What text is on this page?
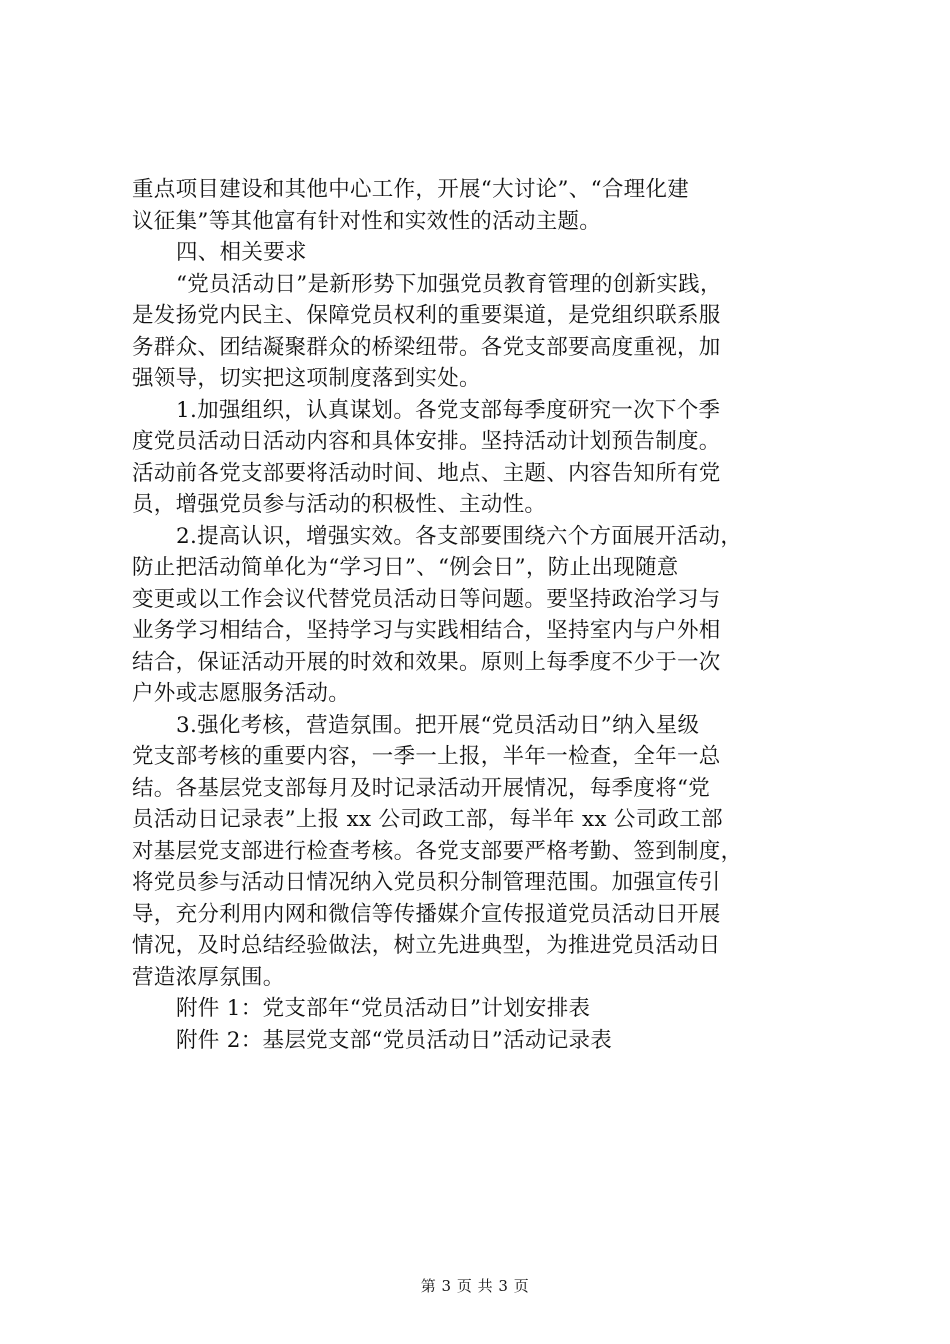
重点项目建设和其他中心工作，开展“大讨论”、“合理化建
议征集”等其他富有针对性和实效性的活动主题。
四、相关要求
“党员活动日”是新形势下加强党员教育管理的创新实践，
是发扬党内民主、保障党员权利的重要渠道，是党组织联系服
务群众、团结凝聚群众的桥梁纽带。各党支部要高度重视，加
强领导，切实把这项制度落到实处。
1.加强组织，认真谋划。各党支部每季度研究一次下个季
度党员活动日活动内容和具体安排。坚持活动计划预告制度。
活动前各党支部要将活动时间、地点、主题、内容告知所有党
员，增强党员参与活动的积极性、主动性。
2.提高认识，增强实效。各支部要围绕六个方面展开活动，
防止把活动简单化为“学习日”、“例会日”，防止出现随意
变更或以工作会议代替党员活动日等问题。要坚持政治学习与
业务学习相结合，坚持学习与实践相结合，坚持室内与户外相
结合，保证活动开展的时效和效果。原则上每季度不少于一次
户外或志愿服务活动。
3.强化考核，营造氛围。把开展“党员活动日”纳入星级
党支部考核的重要内容，一季一上报，半年一检查，全年一总
结。各基层党支部每月及时记录活动开展情况，每季度将“党
员活动日记录表”上报 xx 公司政工部，每半年 xx 公司政工部
对基层党支部进行检查考核。各党支部要严格考勤、签到制度，
将党员参与活动日情况纳入党员积分制管理范围。加强宣传引
导，充分利用内网和微信等传播媒介宣传报道党员活动日开展
情况，及时总结经验做法，树立先进典型，为推进党员活动日
营造浓厚氛围。
附件 1：党支部年“党员活动日”计划安排表
附件 2：基层党支部“党员活动日”活动记录表
第 3 页 共 3 页
